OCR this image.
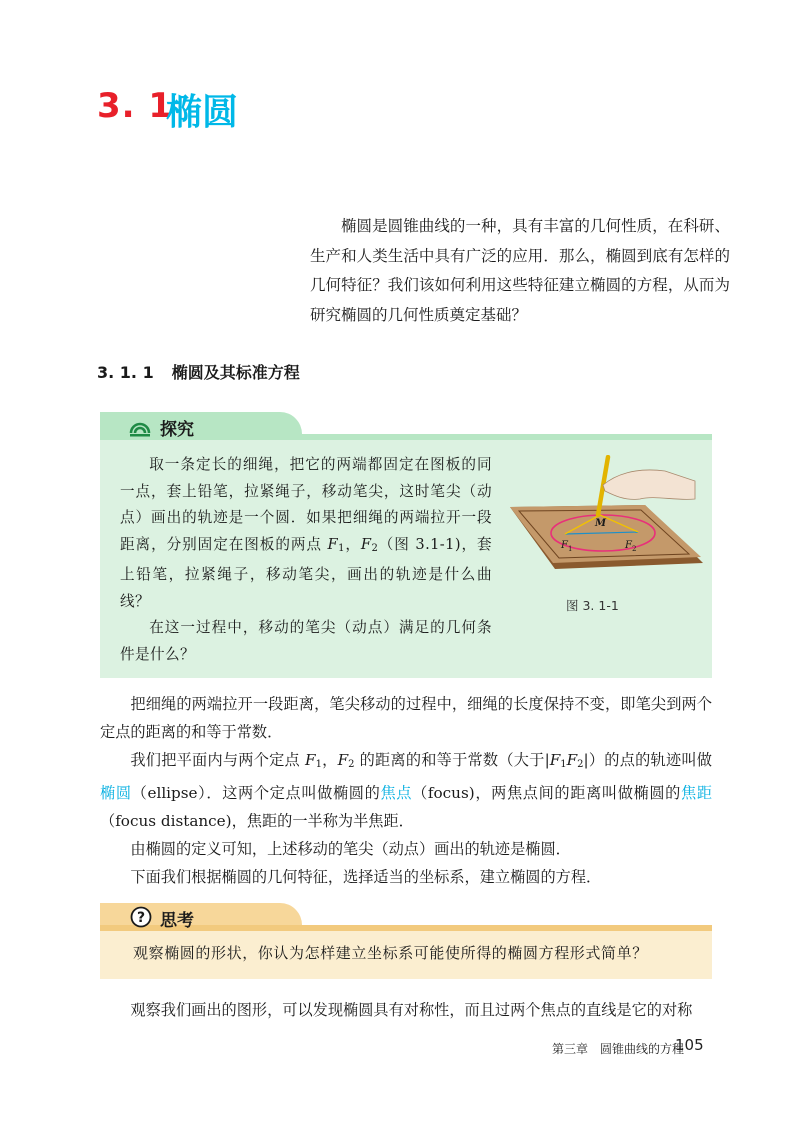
3. 1
椭圆

椭圆是圆锥曲线的一种，具有丰富的几何性质，在科研、生产和人类生活中具有广泛的应用．那么，椭圆到底有怎样的几何特征？我们该如何利用这些特征建立椭圆的方程，从而为研究椭圆的几何性质奠定基础？

3. 1. 1 椭圆及其标准方程
探究

取一条定长的细绳，把它的两端都固定在图板的同一点，套上铅笔，拉紧绳子，移动笔尖，这时笔尖（动点）画出的轨迹是一个圆．如果把细绳的两端拉开一段距离，分别固定在图板的两点 $F_1$，$F_2$（图 3.1-1)，套上铅笔，拉紧绳子，移动笔尖，画出的轨迹是什么曲线？

在这一过程中，移动的笔尖（动点）满足的几何条件是什么？

M
F 1	F 2
图 3. 1-1

把细绳的两端拉开一段距离，笔尖移动的过程中，细绳的长度保持不变，即笔尖到两个定点的距离的和等于常数．

我们把平面内与两个定点 $F_1$，$F_2$ 的距离的和等于常数（大于$|F_1F_2|$）的点的轨迹叫做椭圆（ellipse）．这两个定点叫做椭圆的焦点（focus)，两焦点间的距离叫做椭圆的焦距（focus distance)，焦距的一半称为半焦距．

由椭圆的定义可知，上述移动的笔尖（动点）画出的轨迹是椭圆．

下面我们根据椭圆的几何特征，选择适当的坐标系，建立椭圆的方程．

? 思考
观察椭圆的形状，你认为怎样建立坐标系可能使所得的椭圆方程形式简单？
观察我们画出的图形，可以发现椭圆具有对称性，而且过两个焦点的直线是它的对称
第三章　圆锥曲线的方程
105
